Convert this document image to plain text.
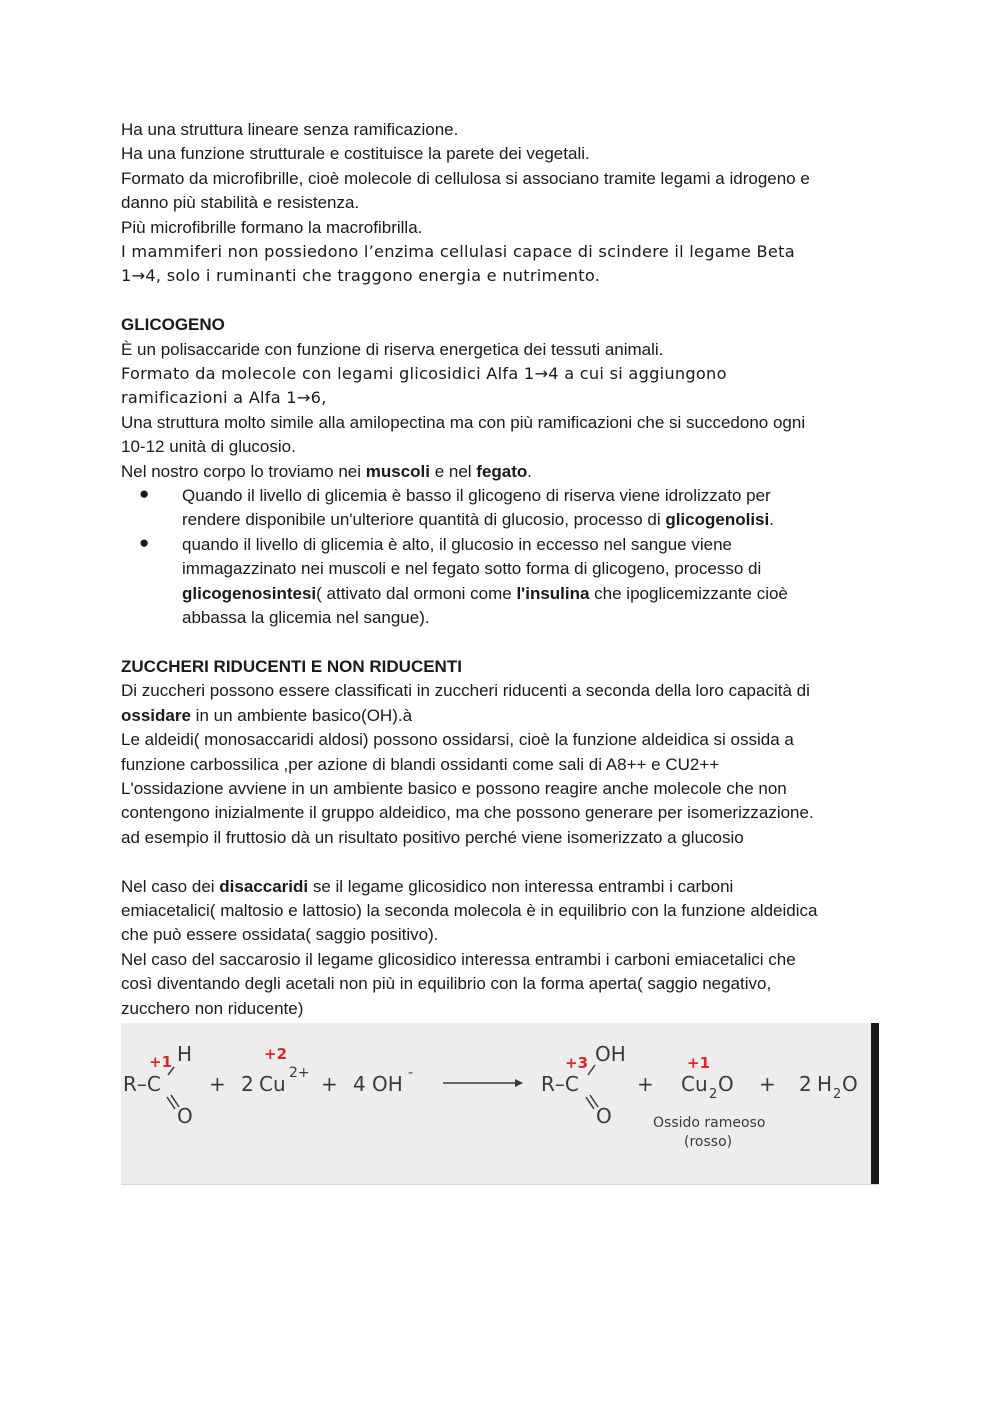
Ha una struttura lineare senza ramificazione.
Ha una funzione strutturale e costituisce la parete dei vegetali.
Formato da microfibrille, cioè molecole di cellulosa si associano tramite legami a idrogeno e
danno più stabilità e resistenza.
Più microfibrille formano la macrofibrilla.
I mammiferi non possiedono l’enzima cellulasi capace di scindere il legame Beta
1→4, solo i ruminanti che traggono energia e nutrimento.
GLICOGENO
È un polisaccaride con funzione di riserva energetica dei tessuti animali.
Formato da molecole con legami glicosidici Alfa 1→4 a cui si aggiungono
ramificazioni a Alfa 1→6,
Una struttura molto simile alla amilopectina ma con più ramificazioni che si succedono ogni
10-12 unità di glucosio.
Nel nostro corpo lo troviamo nei muscoli e nel fegato.
● Quando il livello di glicemia è basso il glicogeno di riserva viene idrolizzato per
rendere disponibile un'ulteriore quantità di glucosio, processo di glicogenolisi.
● quando il livello di glicemia è alto, il glucosio in eccesso nel sangue viene
immagazzinato nei muscoli e nel fegato sotto forma di glicogeno, processo di
glicogenosintesi( attivato dal ormoni come l'insulina che ipoglicemizzante cioè
abbassa la glicemia nel sangue).
ZUCCHERI RIDUCENTI E NON RIDUCENTI
Di zuccheri possono essere classificati in zuccheri riducenti a seconda della loro capacità di
ossidare in un ambiente basico(OH).à
Le aldeidi( monosaccaridi aldosi) possono ossidarsi, cioè la funzione aldeidica si ossida a
funzione carbossilica ,per azione di blandi ossidanti come sali di A8++ e CU2++
L'ossidazione avviene in un ambiente basico e possono reagire anche molecole che non
contengono inizialmente il gruppo aldeidico, ma che possono generare per isomerizzazione.
ad esempio il fruttosio dà un risultato positivo perché viene isomerizzato a glucosio
Nel caso dei disaccaridi se il legame glicosidico non interessa entrambi i carboni
emiacetalici( maltosio e lattosio) la seconda molecola è in equilibrio con la funzione aldeidica
che può essere ossidata( saggio positivo).
Nel caso del saccarosio il legame glicosidico interessa entrambi i carboni emiacetalici che
così diventando degli acetali non più in equilibrio con la forma aperta( saggio negativo,
zucchero non riducente)
+1 H
R–C
O
+
+2
2 Cu 2+ + 4 OH -
+3 OH
R–C
O
+
+1
Cu 2 O
Ossido rameoso
(rosso)
+ 2 H 2 O
